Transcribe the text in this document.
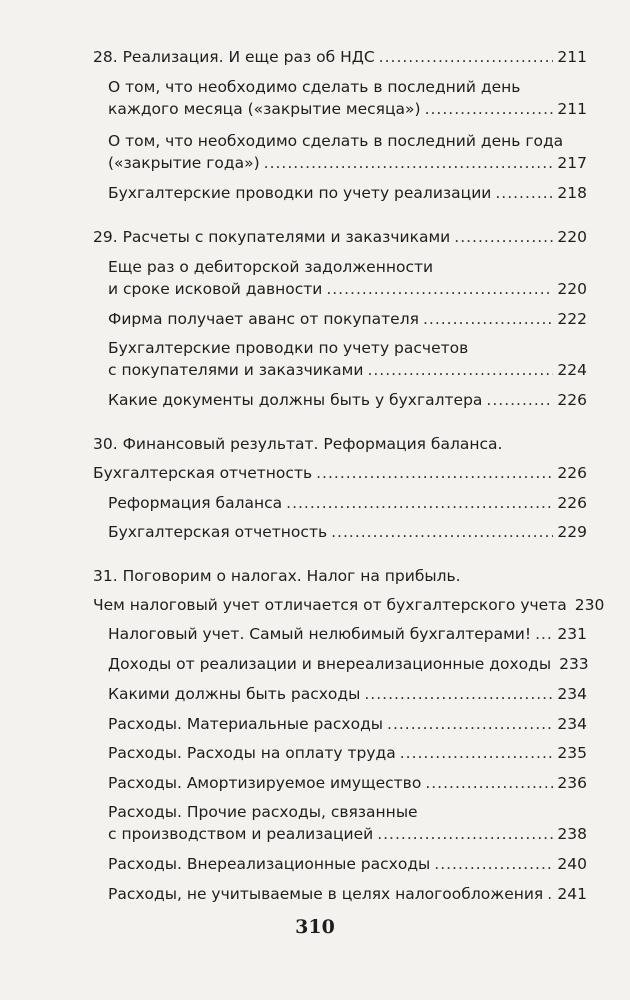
28. Реализация. И еще раз об НДС .....	211
О том, что необходимо сделать в последний день
каждого месяца («закрытие месяца») .....	211
О том, что необходимо сделать в последний день года
(«закрытие года») .....	217
Бухгалтерские проводки по учету реализации .....	218
29. Расчеты с покупателями и заказчиками .....	220
Еще раз о дебиторской задолженности
и сроке исковой давности .....	220
Фирма получает аванс от покупателя .....	222
Бухгалтерские проводки по учету расчетов
с покупателями и заказчиками .....	224
Какие документы должны быть у бухгалтера .....	226
30. Финансовый результат. Реформация баланса.
Бухгалтерская отчетность .....	226
Реформация баланса .....	226
Бухгалтерская отчетность .....	229
31. Поговорим о налогах. Налог на прибыль.
Чем налоговый учет отличается от бухгалтерского учета 230
Налоговый учет. Самый нелюбимый бухгалтерами! ..... 231
Доходы от реализации и внереализационные доходы 233
Какими должны быть расходы .....	234
Расходы. Материальные расходы .....	234
Расходы. Расходы на оплату труда .....	235
Расходы. Амортизируемое имущество .....	236
Расходы. Прочие расходы, связанные
с производством и реализацией .....	238
Расходы. Внереализационные расходы .....	240
Расходы, не учитываемые в целях налогообложения ..... 241
310
